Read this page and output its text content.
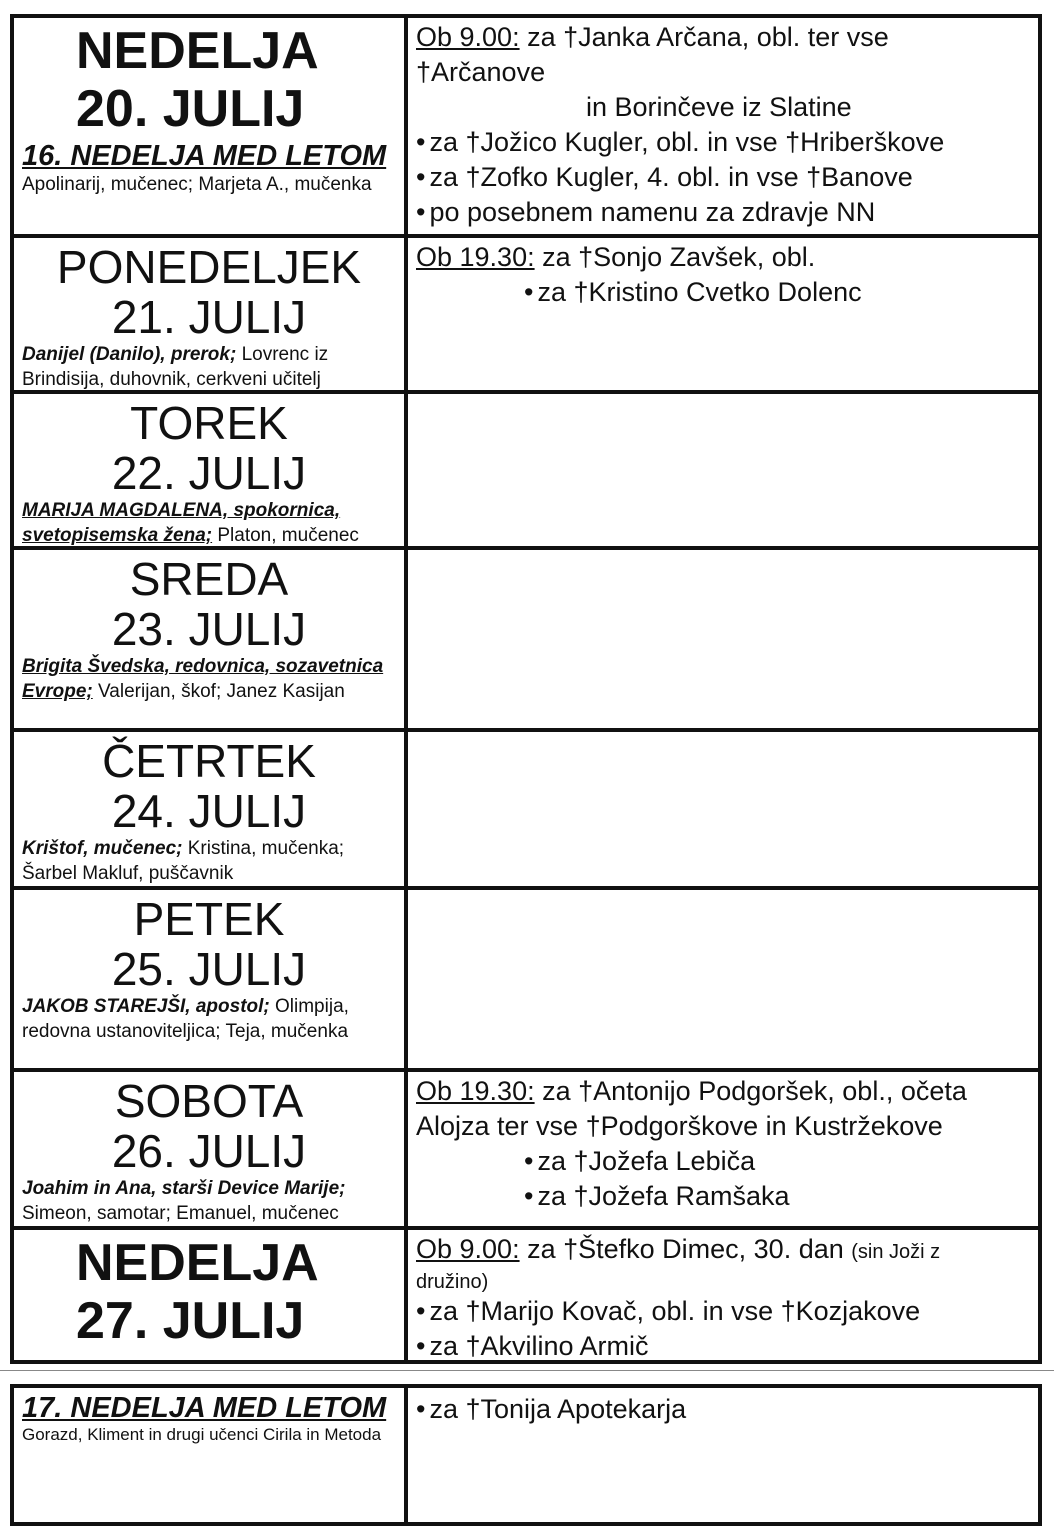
NEDELJA
20. JULIJ
16. NEDELJA MED LETOM
Apolinarij, mučenec; Marjeta A., mučenka
Ob 9.00: za †Janka Arčana, obl. ter vse
†Arčanove
in Borinčeve iz Slatine
• za †Jožico Kugler, obl. in vse †Hriberškove
• za †Zofko Kugler, 4. obl. in vse †Banove
• po posebnem namenu za zdravje NN
PONEDELJEK
21. JULIJ
Danijel (Danilo), prerok; Lovrenc iz Brindisija, duhovnik, cerkveni učitelj
Ob 19.30: za †Sonjo Zavšek, obl.
• za †Kristino Cvetko Dolenc
TOREK
22. JULIJ
MARIJA MAGDALENA, spokornica, svetopisemska žena; Platon, mučenec
SREDA
23. JULIJ
Brigita Švedska, redovnica, sozavetnica Evrope; Valerijan, škof; Janez Kasijan
ČETRTEK
24. JULIJ
Krištof, mučenec; Kristina, mučenka; Šarbel Makluf, puščavnik
PETEK
25. JULIJ
JAKOB STAREJŠI, apostol; Olimpija, redovna ustanoviteljica; Teja, mučenka
SOBOTA
26. JULIJ
Joahim in Ana, starši Device Marije; Simeon, samotar; Emanuel, mučenec
Ob 19.30: za †Antonijo Podgoršek, obl., očeta
Alojza ter vse †Podgorškove in Kustržekove
• za †Jožefa Lebiča
• za †Jožefa Ramšaka
NEDELJA
27. JULIJ
Ob 9.00: za †Štefko Dimec, 30. dan (sin Joži z
družino)
• za †Marijo Kovač, obl. in vse †Kozjakove
• za †Akvilino Armič
17. NEDELJA MED LETOM
Gorazd, Kliment in drugi učenci Cirila in Metoda
• za †Tonija Apotekarja
